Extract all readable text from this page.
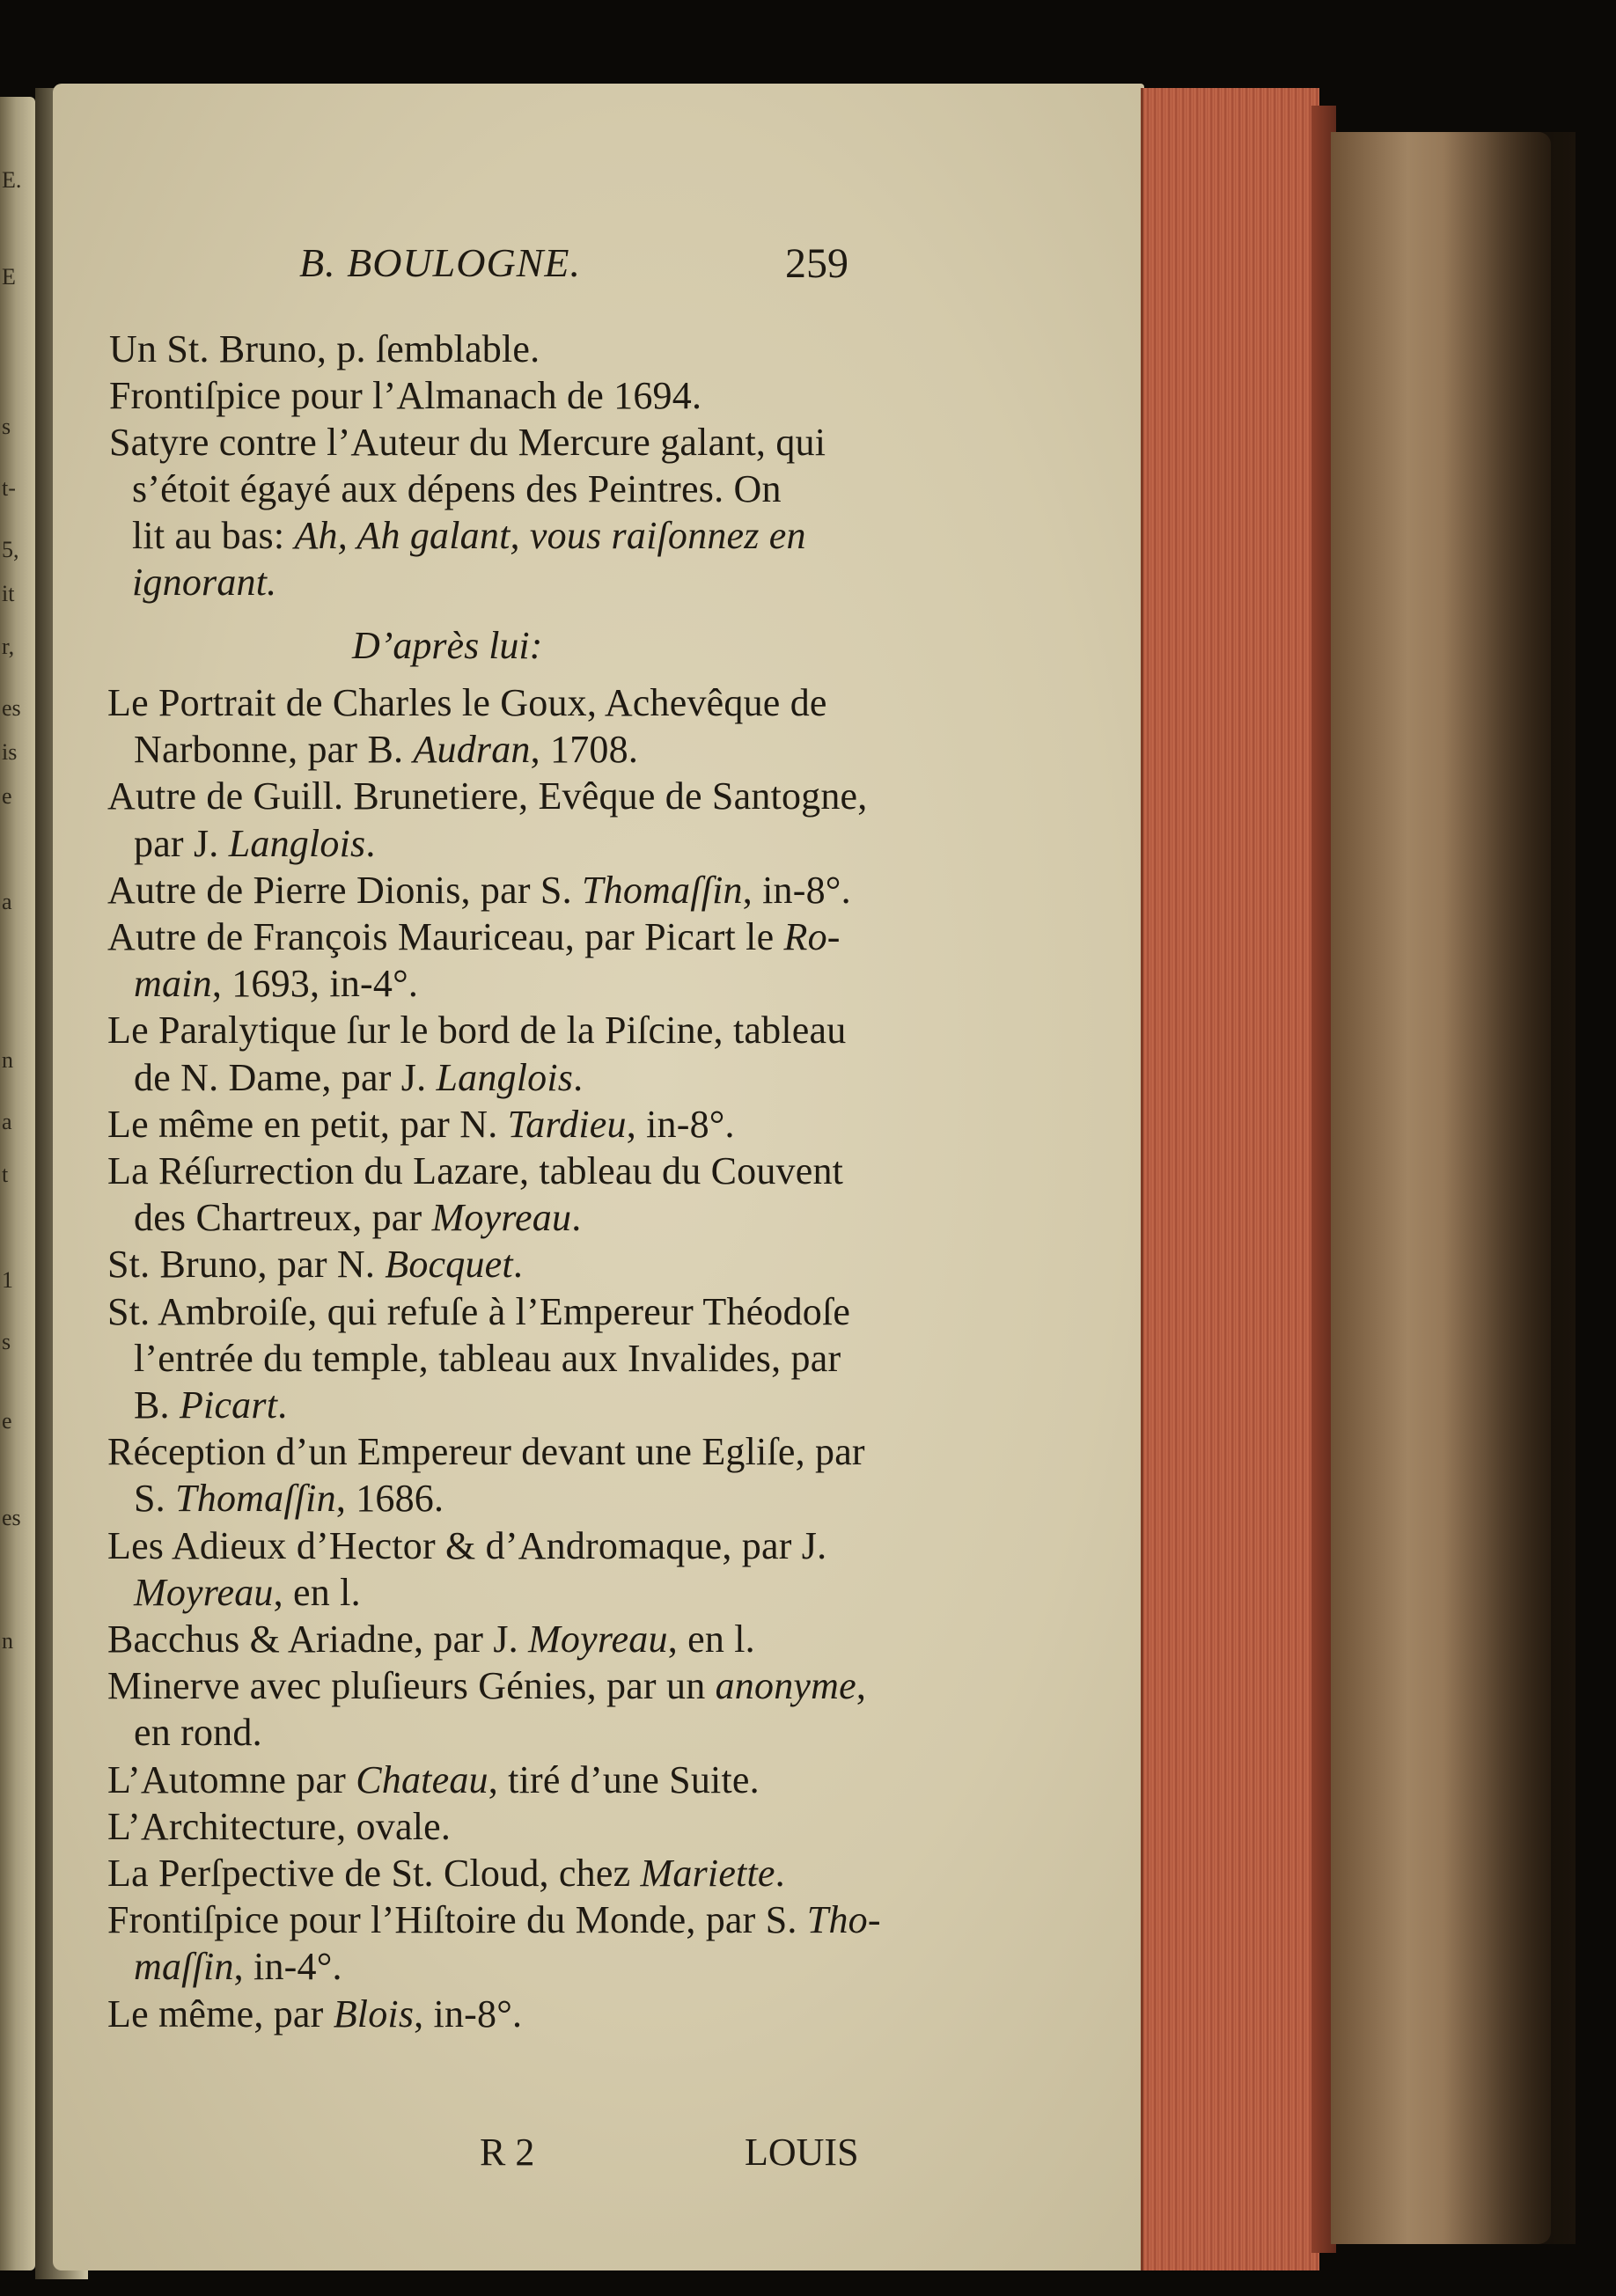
E.
E
s
t-
5,
it
r,
es
is
e
a
n
a
t
1
s
e
es
n
B. BOULOGNE.	259
Un St. Bruno, p. ſemblable.
Frontiſpice pour l’Almanach de 1694.
Satyre contre l’Auteur du Mercure galant, qui
s’étoit égayé aux dépens des Peintres. On
lit au bas: Ah, Ah galant, vous raiſonnez en
ignorant.
D’après lui:
Le Portrait de Charles le Goux, Achevêque de
Narbonne, par B. Audran, 1708.
Autre de Guill. Brunetiere, Evêque de Santogne,
par J. Langlois.
Autre de Pierre Dionis, par S. Thomaſſin, in-8°.
Autre de François Mauriceau, par Picart le Ro-
main, 1693, in-4°.
Le Paralytique ſur le bord de la Piſcine, tableau
de N. Dame, par J. Langlois.
Le même en petit, par N. Tardieu, in-8°.
La Réſurrection du Lazare, tableau du Couvent
des Chartreux, par Moyreau.
St. Bruno, par N. Bocquet.
St. Ambroiſe, qui refuſe à l’Empereur Théodoſe
l’entrée du temple, tableau aux Invalides, par
B. Picart.
Réception d’un Empereur devant une Egliſe, par
S. Thomaſſin, 1686.
Les Adieux d’Hector & d’Andromaque, par J.
Moyreau, en l.
Bacchus & Ariadne, par J. Moyreau, en l.
Minerve avec pluſieurs Génies, par un anonyme,
en rond.
L’Automne par Chateau, tiré d’une Suite.
L’Architecture, ovale.
La Perſpective de St. Cloud, chez Mariette.
Frontiſpice pour l’Hiſtoire du Monde, par S. Tho-
maſſin, in-4°.
Le même, par Blois, in-8°.
R 2	LOUIS
